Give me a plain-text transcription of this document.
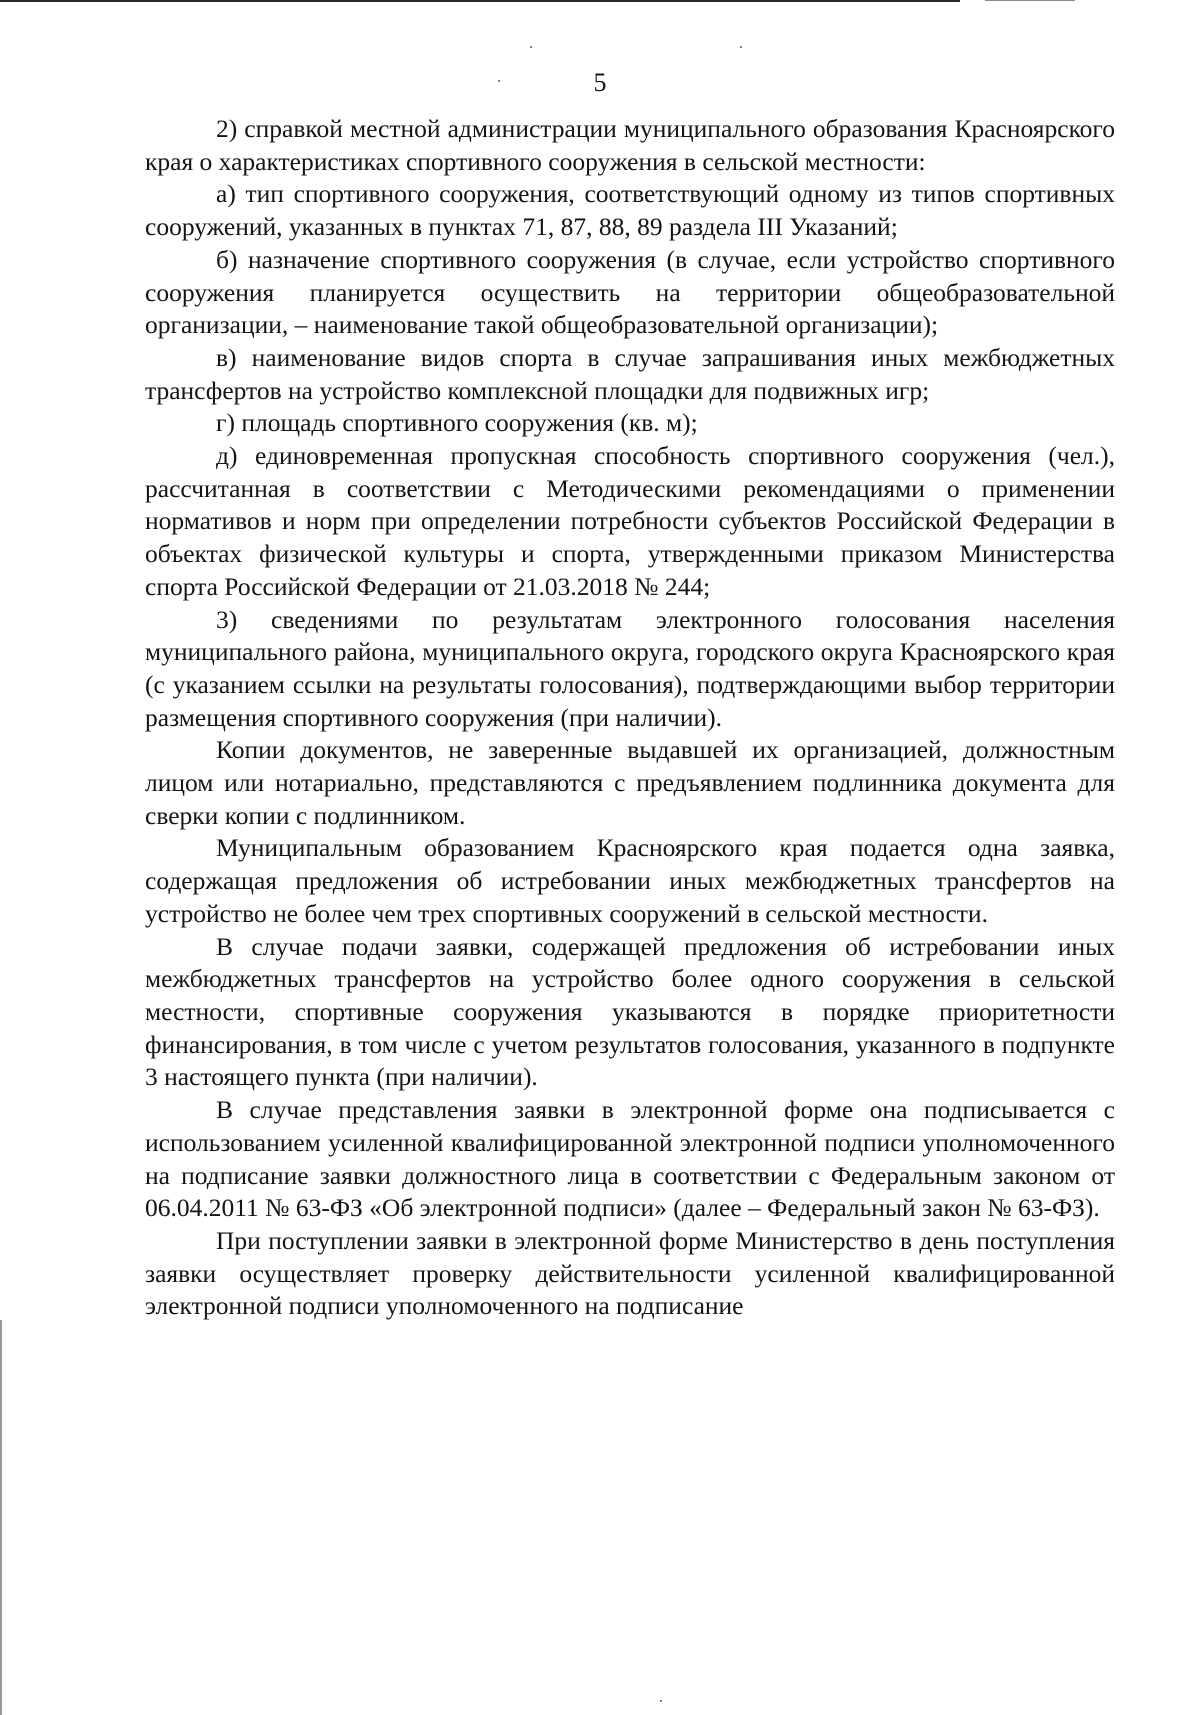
5

2) справкой местной администрации муниципального образования Красноярского края о характеристиках спортивного сооружения в сельской местности:

а) тип спортивного сооружения, соответствующий одному из типов спортивных сооружений, указанных в пунктах 71, 87, 88, 89 раздела III Указаний;

б) назначение спортивного сооружения (в случае, если устройство спортивного сооружения планируется осуществить на территории общеобразовательной организации, – наименование такой общеобразовательной организации);

в) наименование видов спорта в случае запрашивания иных межбюджетных трансфертов на устройство комплексной площадки для подвижных игр;

г) площадь спортивного сооружения (кв. м);

д) единовременная пропускная способность спортивного сооружения (чел.), рассчитанная в соответствии с Методическими рекомендациями о применении нормативов и норм при определении потребности субъектов Российской Федерации в объектах физической культуры и спорта, утвержденными приказом Министерства спорта Российской Федерации от 21.03.2018 № 244;

3) сведениями по результатам электронного голосования населения муниципального района, муниципального округа, городского округа Красноярского края (с указанием ссылки на результаты голосования), подтверждающими выбор территории размещения спортивного сооружения (при наличии).

Копии документов, не заверенные выдавшей их организацией, должностным лицом или нотариально, представляются с предъявлением подлинника документа для сверки копии с подлинником.

Муниципальным образованием Красноярского края подается одна заявка, содержащая предложения об истребовании иных межбюджетных трансфертов на устройство не более чем трех спортивных сооружений в сельской местности.

В случае подачи заявки, содержащей предложения об истребовании иных межбюджетных трансфертов на устройство более одного сооружения в сельской местности, спортивные сооружения указываются в порядке приоритетности финансирования, в том числе с учетом результатов голосования, указанного в подпункте 3 настоящего пункта (при наличии).

В случае представления заявки в электронной форме она подписывается с использованием усиленной квалифицированной электронной подписи уполномоченного на подписание заявки должностного лица в соответствии с Федеральным законом от 06.04.2011 № 63-ФЗ «Об электронной подписи» (далее – Федеральный закон № 63-ФЗ).

При поступлении заявки в электронной форме Министерство в день поступления заявки осуществляет проверку действительности усиленной квалифицированной электронной подписи уполномоченного на подписание
